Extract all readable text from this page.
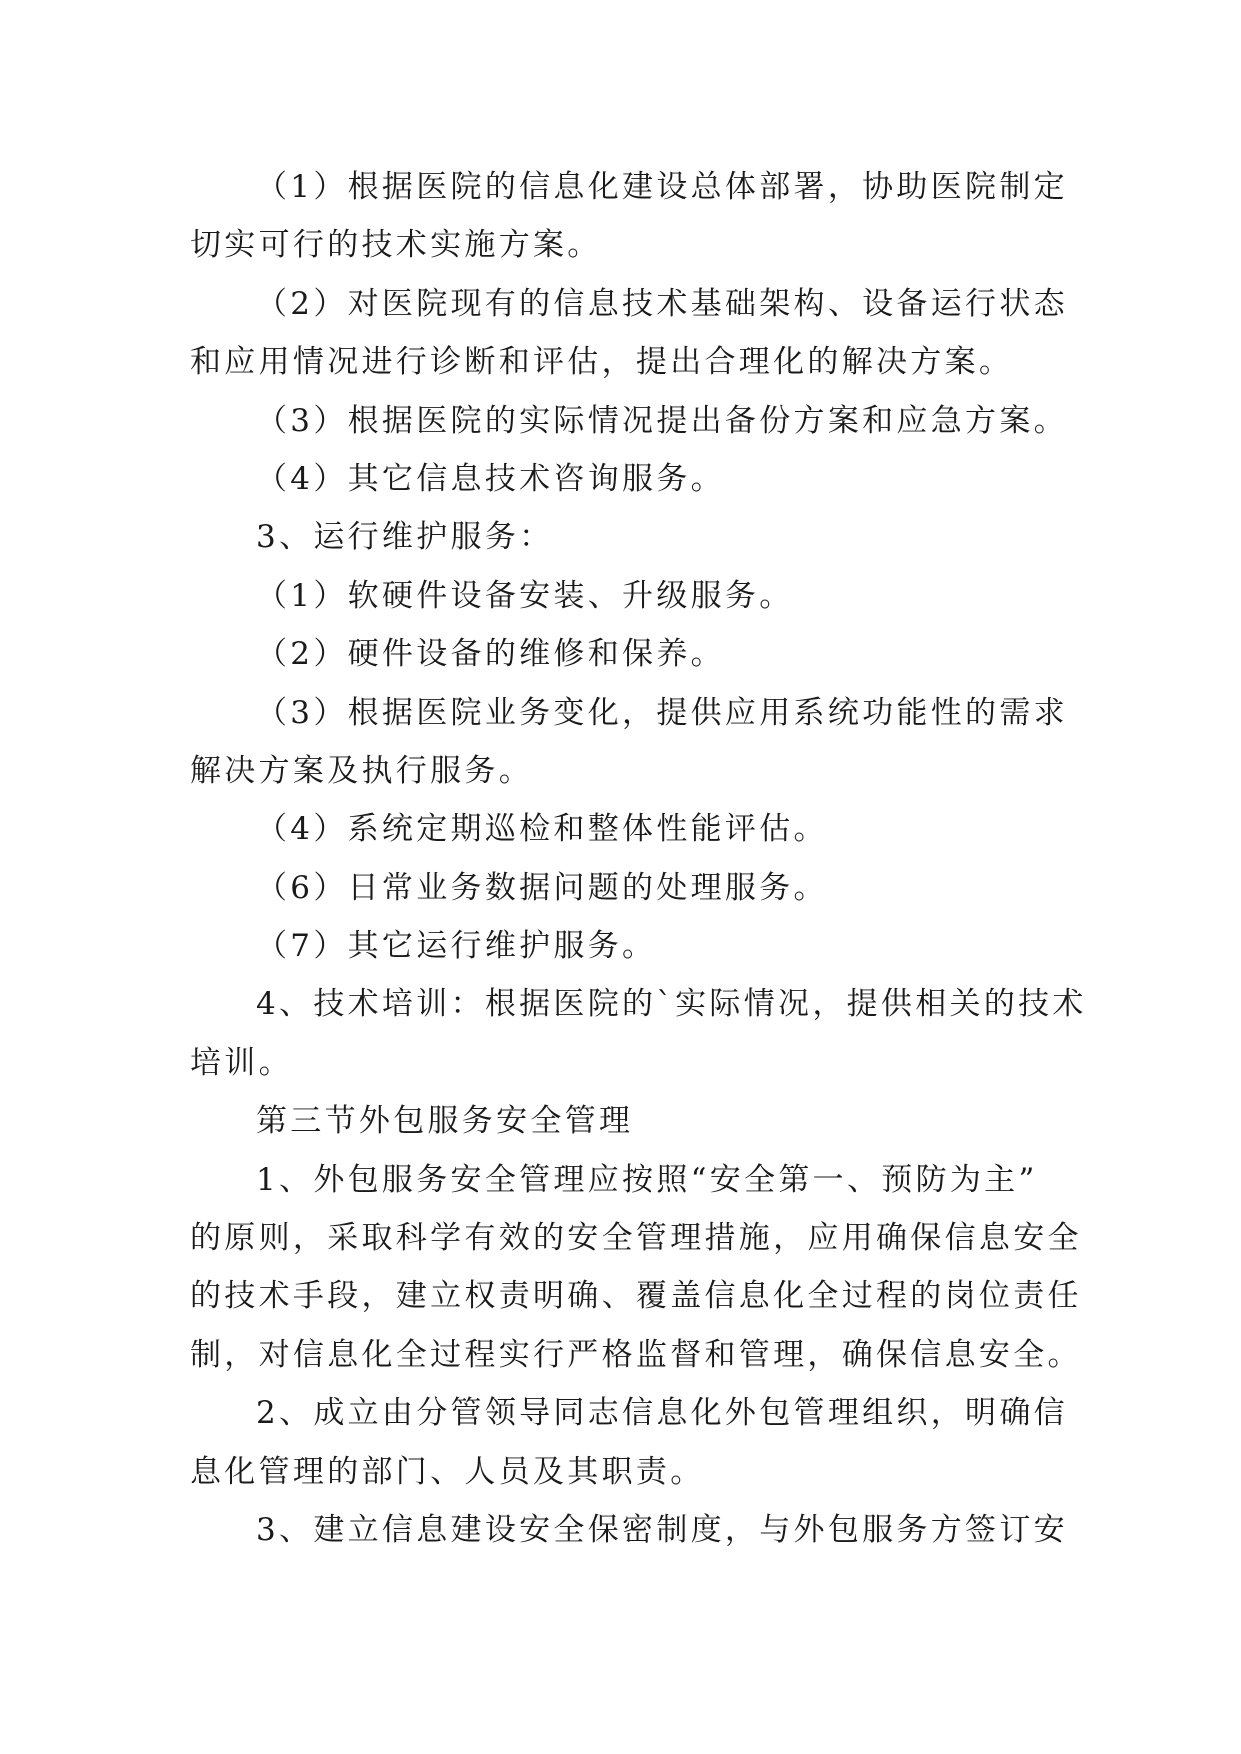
（1）根据医院的信息化建设总体部署，协助医院制定
切实可行的技术实施方案。
（2）对医院现有的信息技术基础架构、设备运行状态
和应用情况进行诊断和评估，提出合理化的解决方案。
（3）根据医院的实际情况提出备份方案和应急方案。
（4）其它信息技术咨询服务。
3、运行维护服务：
（1）软硬件设备安装、升级服务。
（2）硬件设备的维修和保养。
（3）根据医院业务变化，提供应用系统功能性的需求
解决方案及执行服务。
（4）系统定期巡检和整体性能评估。
（6）日常业务数据问题的处理服务。
（7）其它运行维护服务。
4、技术培训：根据医院的`实际情况，提供相关的技术
培训。
第三节外包服务安全管理
1、外包服务安全管理应按照“安全第一、预防为主”
的原则，采取科学有效的安全管理措施，应用确保信息安全
的技术手段，建立权责明确、覆盖信息化全过程的岗位责任
制，对信息化全过程实行严格监督和管理，确保信息安全。
2、成立由分管领导同志信息化外包管理组织，明确信
息化管理的部门、人员及其职责。
3、建立信息建设安全保密制度，与外包服务方签订安
